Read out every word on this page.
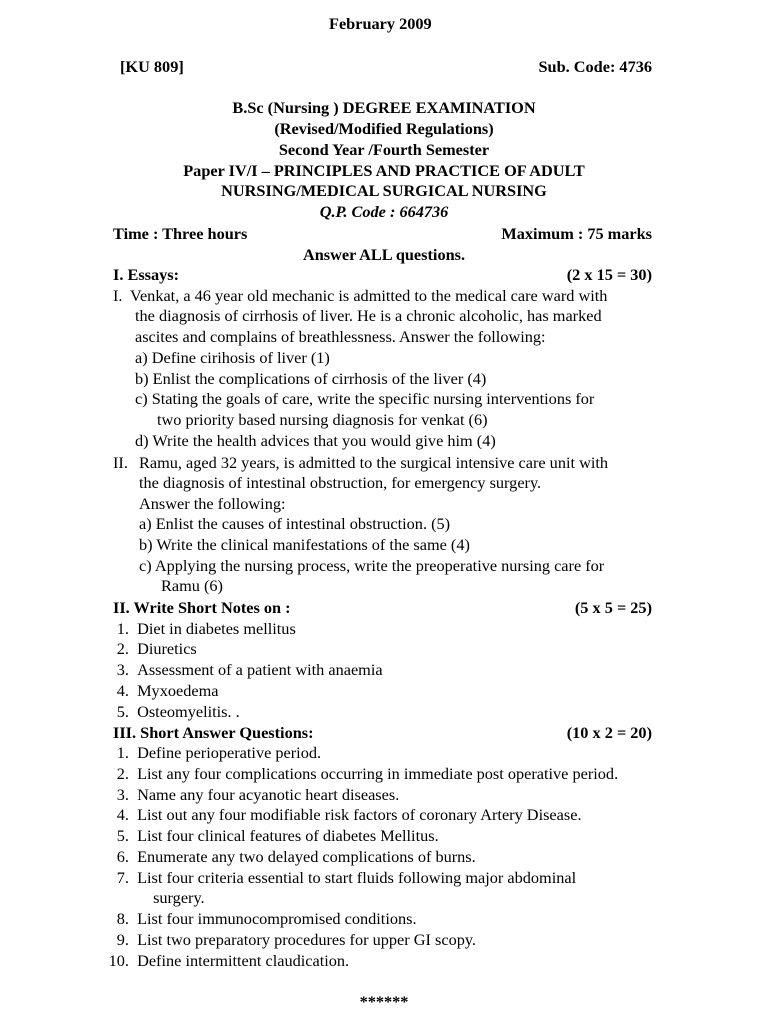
February 2009
[KU 809]	Sub. Code: 4736
B.Sc (Nursing ) DEGREE EXAMINATION
(Revised/Modified Regulations)
Second Year /Fourth Semester
Paper IV/I – PRINCIPLES AND PRACTICE OF ADULT
NURSING/MEDICAL SURGICAL NURSING
Q.P. Code : 664736
Time : Three hours	Maximum : 75 marks
Answer ALL questions.
I. Essays:	(2 x 15 = 30)
I. Venkat, a 46 year old mechanic is admitted to the medical care ward with
the diagnosis of cirrhosis of liver. He is a chronic alcoholic, has marked
ascites and complains of breathlessness. Answer the following:
a) Define cirihosis of liver (1)
b) Enlist the complications of cirrhosis of the liver (4)
c) Stating the goals of care, write the specific nursing interventions for
two priority based nursing diagnosis for venkat (6)
d) Write the health advices that you would give him (4)
II. Ramu, aged 32 years, is admitted to the surgical intensive care unit with
the diagnosis of intestinal obstruction, for emergency surgery.
Answer the following:
a) Enlist the causes of intestinal obstruction. (5)
b) Write the clinical manifestations of the same (4)
c) Applying the nursing process, write the preoperative nursing care for
Ramu (6)
II. Write Short Notes on :	(5 x 5 = 25)
1. Diet in diabetes mellitus
2. Diuretics
3. Assessment of a patient with anaemia
4. Myxoedema
5. Osteomyelitis. .
III. Short Answer Questions:	(10 x 2 = 20)
1. Define perioperative period.
2. List any four complications occurring in immediate post operative period.
3. Name any four acyanotic heart diseases.
4. List out any four modifiable risk factors of coronary Artery Disease.
5. List four clinical features of diabetes Mellitus.
6. Enumerate any two delayed complications of burns.
7. List four criteria essential to start fluids following major abdominal
surgery.
8. List four immunocompromised conditions.
9. List two preparatory procedures for upper GI scopy.
10. Define intermittent claudication.
******
